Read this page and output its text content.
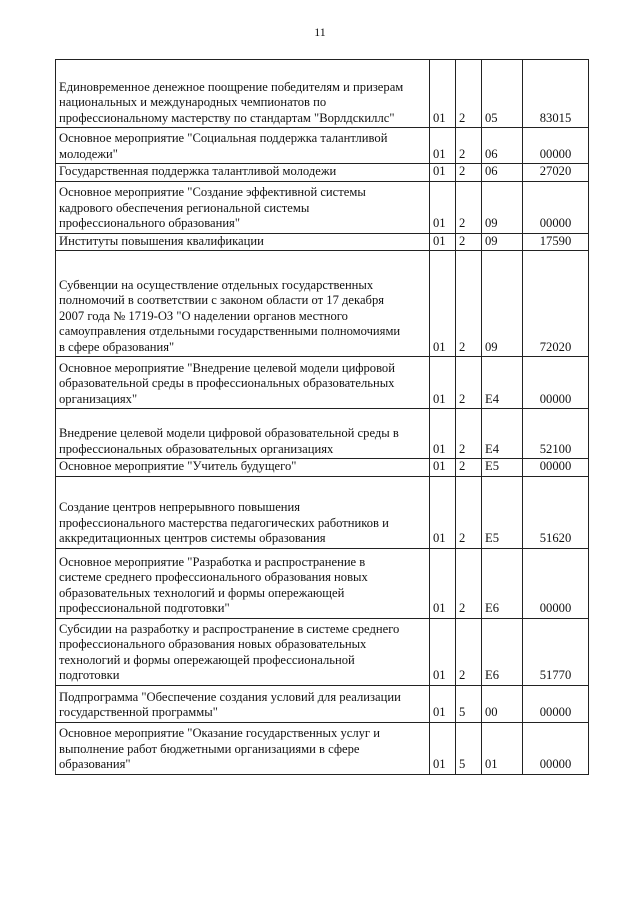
11
Единовременное денежное поощрение победителям и призерам
национальных и международных чемпионатов по
профессиональному мастерству по стандартам "Ворлдскиллс"	01	2	05	83015
Основное мероприятие "Социальная поддержка талантливой
молодежи"	01	2	06	00000
Государственная поддержка талантливой молодежи	01	2	06	27020
Основное мероприятие "Создание эффективной системы
кадрового обеспечения региональной системы
профессионального образования"	01	2	09	00000
Институты повышения квалификации	01	2	09	17590
Субвенции на осуществление отдельных государственных
полномочий в соответствии с законом области от 17 декабря
2007 года № 1719-ОЗ "О наделении органов местного
самоуправления отдельными государственными полномочиями
в сфере образования"	01	2	09	72020
Основное мероприятие "Внедрение целевой модели цифровой
образовательной среды в профессиональных образовательных
организациях"	01	2	Е4	00000
Внедрение целевой модели цифровой образовательной среды в
профессиональных образовательных организациях	01	2	Е4	52100
Основное мероприятие "Учитель будущего"	01	2	Е5	00000
Создание центров непрерывного повышения
профессионального мастерства педагогических работников и
аккредитационных центров системы образования	01	2	Е5	51620
Основное мероприятие "Разработка и распространение в
системе среднего профессионального образования новых
образовательных технологий и формы опережающей
профессиональной подготовки"	01	2	Е6	00000
Субсидии на разработку и распространение в системе среднего
профессионального образования новых образовательных
технологий и формы опережающей профессиональной
подготовки	01	2	Е6	51770
Подпрограмма "Обеспечение создания условий для реализации
государственной программы"	01	5	00	00000
Основное мероприятие "Оказание государственных услуг и
выполнение работ бюджетными организациями в сфере
образования"	01	5	01	00000
